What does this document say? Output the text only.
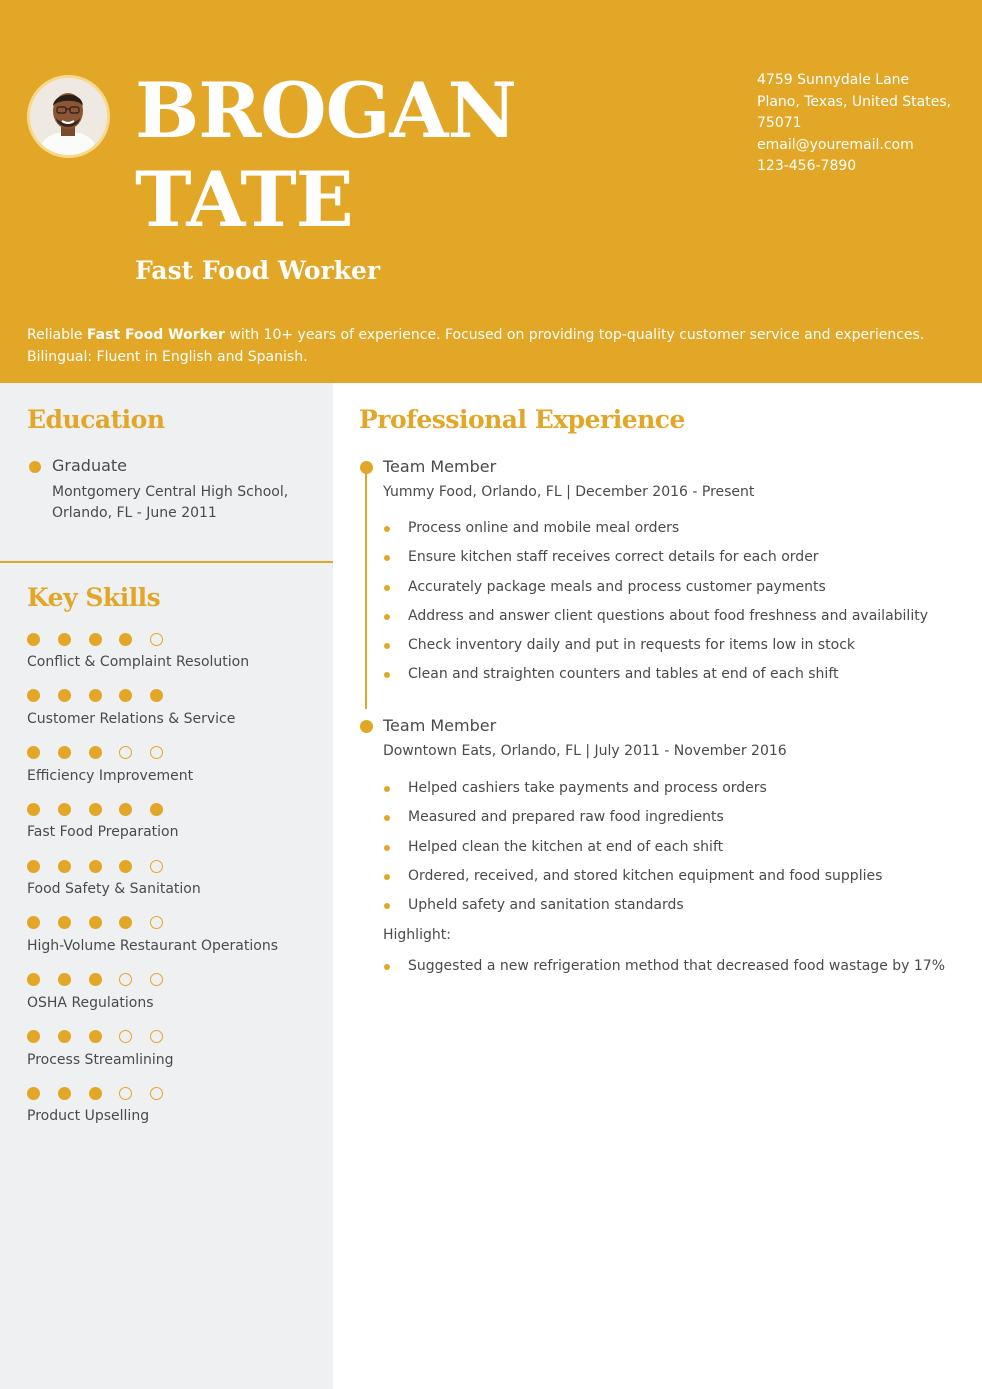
BROGAN
TATE
Fast Food Worker
4759 Sunnydale Lane
Plano, Texas, United States,
75071
email@youremail.com
123-456-7890
Reliable Fast Food Worker with 10+ years of experience. Focused on providing top-quality customer service and experiences. Bilingual: Fluent in English and Spanish.
Education
Graduate
Montgomery Central High School,
Orlando, FL - June 2011
Key Skills
Conflict & Complaint Resolution
Customer Relations & Service
Efficiency Improvement
Fast Food Preparation
Food Safety & Sanitation
High-Volume Restaurant Operations
OSHA Regulations
Process Streamlining
Product Upselling
Professional Experience
Team Member
Yummy Food, Orlando, FL | December 2016 - Present
Process online and mobile meal orders
Ensure kitchen staff receives correct details for each order
Accurately package meals and process customer payments
Address and answer client questions about food freshness and availability
Check inventory daily and put in requests for items low in stock
Clean and straighten counters and tables at end of each shift
Team Member
Downtown Eats, Orlando, FL | July 2011 - November 2016
Helped cashiers take payments and process orders
Measured and prepared raw food ingredients
Helped clean the kitchen at end of each shift
Ordered, received, and stored kitchen equipment and food supplies
Upheld safety and sanitation standards
Highlight:
Suggested a new refrigeration method that decreased food wastage by 17%
